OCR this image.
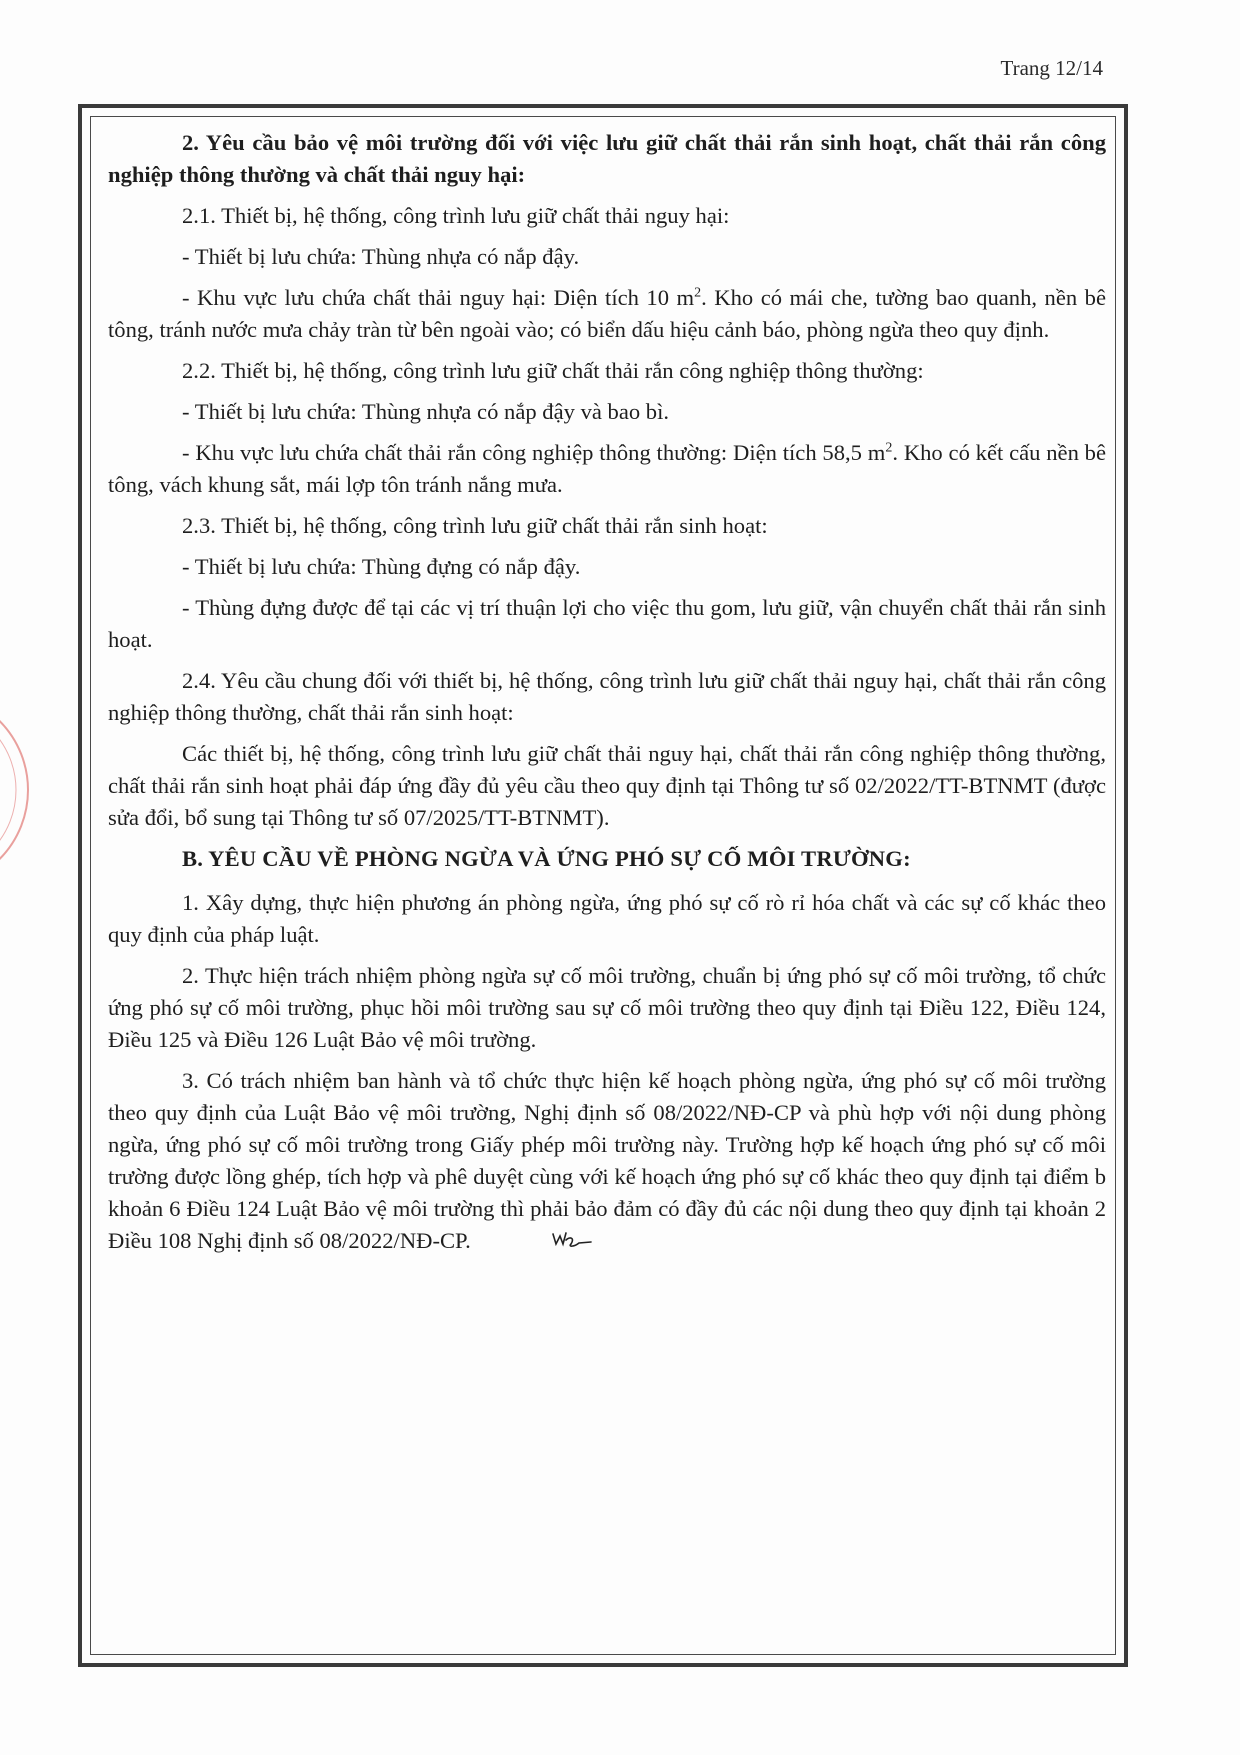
Trang 12/14

2. Yêu cầu bảo vệ môi trường đối với việc lưu giữ chất thải rắn sinh hoạt, chất thải rắn công nghiệp thông thường và chất thải nguy hại:

2.1. Thiết bị, hệ thống, công trình lưu giữ chất thải nguy hại:

- Thiết bị lưu chứa: Thùng nhựa có nắp đậy.

- Khu vực lưu chứa chất thải nguy hại: Diện tích 10 $m^2$. Kho có mái che, tường bao quanh, nền bê tông, tránh nước mưa chảy tràn từ bên ngoài vào; có biển dấu hiệu cảnh báo, phòng ngừa theo quy định.

2.2. Thiết bị, hệ thống, công trình lưu giữ chất thải rắn công nghiệp thông thường:

- Thiết bị lưu chứa: Thùng nhựa có nắp đậy và bao bì.

- Khu vực lưu chứa chất thải rắn công nghiệp thông thường: Diện tích 58,5 $m^2$. Kho có kết cấu nền bê tông, vách khung sắt, mái lợp tôn tránh nắng mưa.

2.3. Thiết bị, hệ thống, công trình lưu giữ chất thải rắn sinh hoạt:

- Thiết bị lưu chứa: Thùng đựng có nắp đậy.

- Thùng đựng được để tại các vị trí thuận lợi cho việc thu gom, lưu giữ, vận chuyển chất thải rắn sinh hoạt.

2.4. Yêu cầu chung đối với thiết bị, hệ thống, công trình lưu giữ chất thải nguy hại, chất thải rắn công nghiệp thông thường, chất thải rắn sinh hoạt:

Các thiết bị, hệ thống, công trình lưu giữ chất thải nguy hại, chất thải rắn công nghiệp thông thường, chất thải rắn sinh hoạt phải đáp ứng đầy đủ yêu cầu theo quy định tại Thông tư số 02/2022/TT-BTNMT (được sửa đổi, bổ sung tại Thông tư số 07/2025/TT-BTNMT).

B. YÊU CẦU VỀ PHÒNG NGỪA VÀ ỨNG PHÓ SỰ CỐ MÔI TRƯỜNG:

1. Xây dựng, thực hiện phương án phòng ngừa, ứng phó sự cố rò rỉ hóa chất và các sự cố khác theo quy định của pháp luật.

2. Thực hiện trách nhiệm phòng ngừa sự cố môi trường, chuẩn bị ứng phó sự cố môi trường, tổ chức ứng phó sự cố môi trường, phục hồi môi trường sau sự cố môi trường theo quy định tại Điều 122, Điều 124, Điều 125 và Điều 126 Luật Bảo vệ môi trường.

3. Có trách nhiệm ban hành và tổ chức thực hiện kế hoạch phòng ngừa, ứng phó sự cố môi trường theo quy định của Luật Bảo vệ môi trường, Nghị định số 08/2022/NĐ-CP và phù hợp với nội dung phòng ngừa, ứng phó sự cố môi trường trong Giấy phép môi trường này. Trường hợp kế hoạch ứng phó sự cố môi trường được lồng ghép, tích hợp và phê duyệt cùng với kế hoạch ứng phó sự cố khác theo quy định tại điểm b khoản 6 Điều 124 Luật Bảo vệ môi trường thì phải bảo đảm có đầy đủ các nội dung theo quy định tại khoản 2 Điều 108 Nghị định số 08/2022/NĐ-CP.
